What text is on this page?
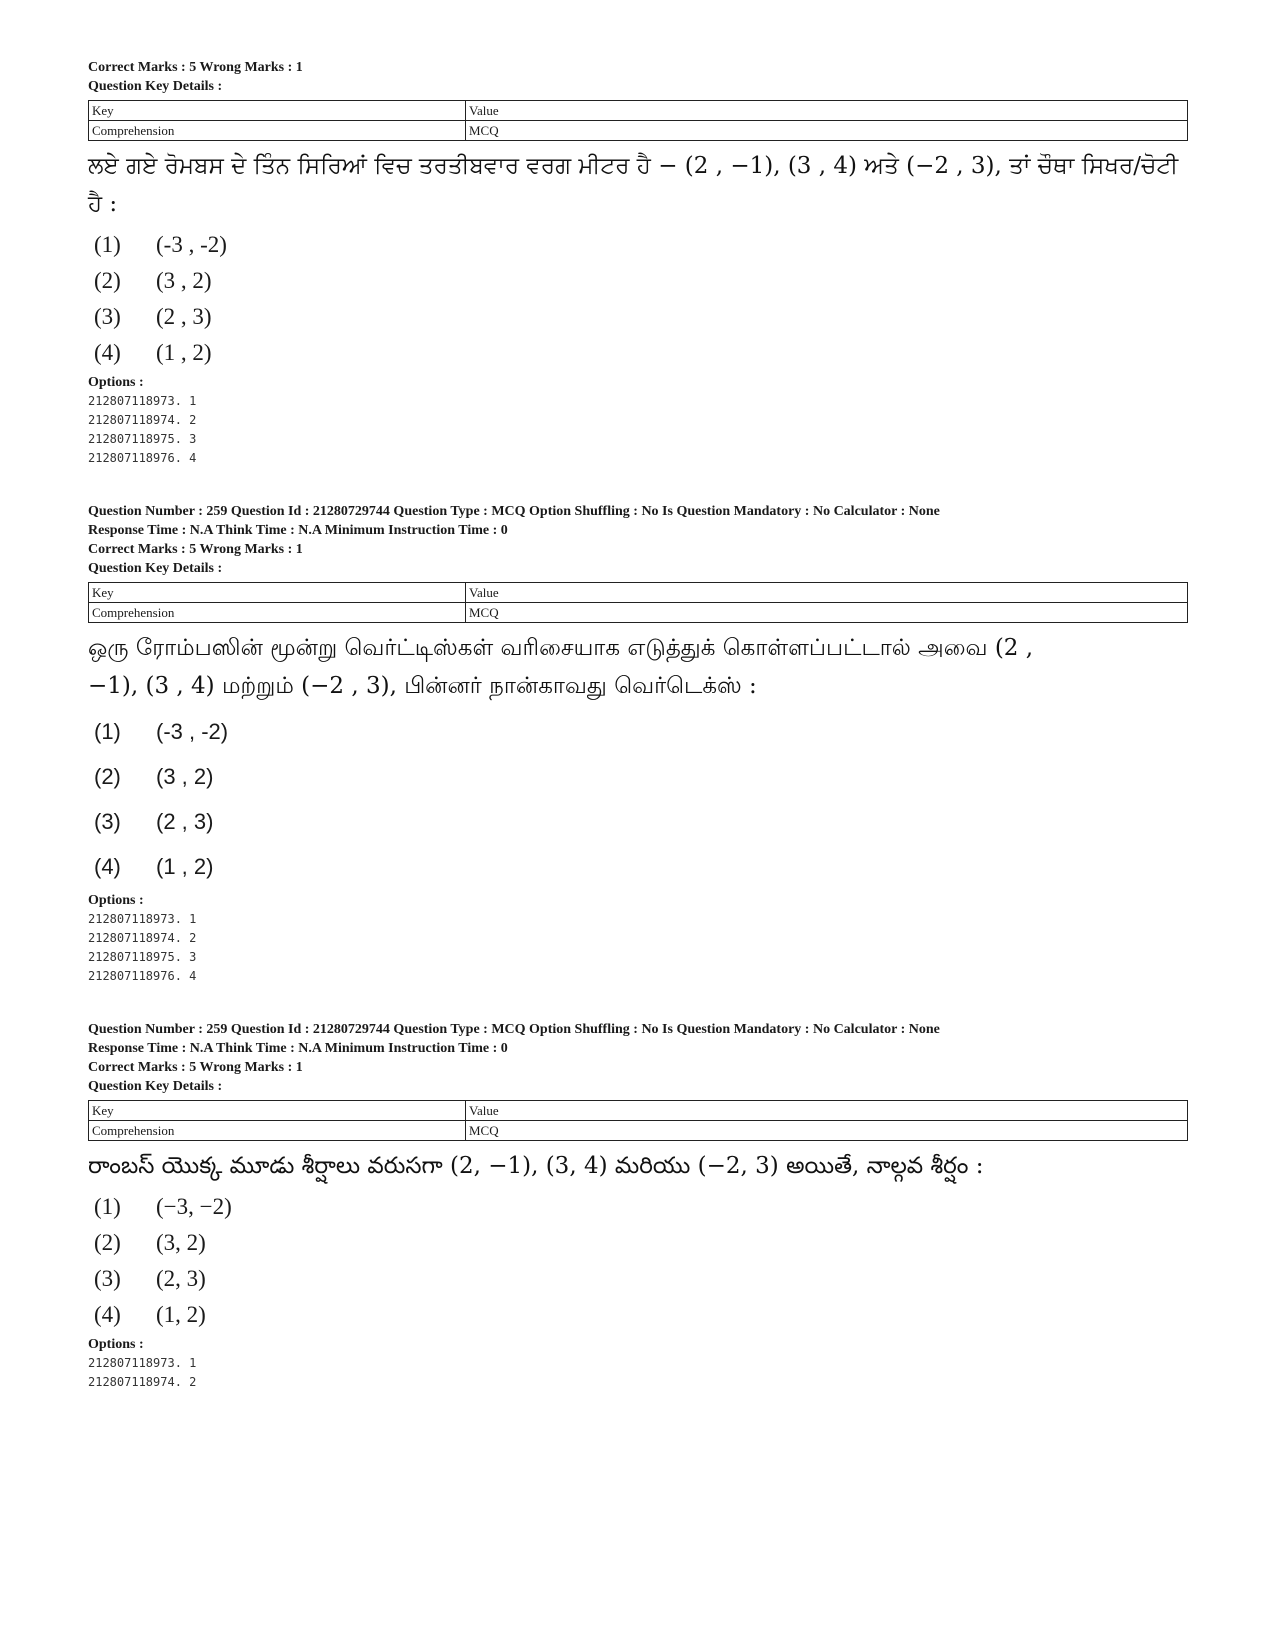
Correct Marks : 5 Wrong Marks : 1
Question Key Details :
Key	Value
Comprehension	MCQ
ਲਏ ਗਏ ਰੋਮਬਸ ਦੇ ਤਿੰਨ ਸਿਰਿਆਂ ਵਿਚ ਤਰਤੀਬਵਾਰ ਵਰਗ ਮੀਟਰ ਹੈ − (2 , −1), (3 , 4) ਅਤੇ (−2 , 3), ਤਾਂ ਚੌਥਾ ਸਿਖਰ/ਚੋਟੀ ਹੈ :
(1)	(-3 , -2)
(2)	(3 , 2)
(3)	(2 , 3)
(4)	(1 , 2)
Options :
212807118973. 1
212807118974. 2
212807118975. 3
212807118976. 4
Question Number : 259 Question Id : 21280729744 Question Type : MCQ Option Shuffling : No Is Question Mandatory : No Calculator : None
Response Time : N.A Think Time : N.A Minimum Instruction Time : 0
Correct Marks : 5 Wrong Marks : 1
Question Key Details :
Key	Value
Comprehension	MCQ
ஒரு ரோம்பஸின் மூன்று வெர்ட்டிஸ்கள் வரிசையாக எடுத்துக் கொள்ளப்பட்டால் அவை (2 , −1), (3 , 4) மற்றும் (−2 , 3), பின்னர் நான்காவது வெர்டெக்ஸ் :
(1)	(-3 , -2)
(2)	(3 , 2)
(3)	(2 , 3)
(4)	(1 , 2)
Options :
212807118973. 1
212807118974. 2
212807118975. 3
212807118976. 4
Question Number : 259 Question Id : 21280729744 Question Type : MCQ Option Shuffling : No Is Question Mandatory : No Calculator : None
Response Time : N.A Think Time : N.A Minimum Instruction Time : 0
Correct Marks : 5 Wrong Marks : 1
Question Key Details :
Key	Value
Comprehension	MCQ
రాంబస్ యొక్క మూడు శీర్షాలు వరుసగా (2, −1), (3, 4) మరియు (−2, 3) అయితే, నాల్గవ శీర్షం :
(1)	(−3, −2)
(2)	(3, 2)
(3)	(2, 3)
(4)	(1, 2)
Options :
212807118973. 1
212807118974. 2
